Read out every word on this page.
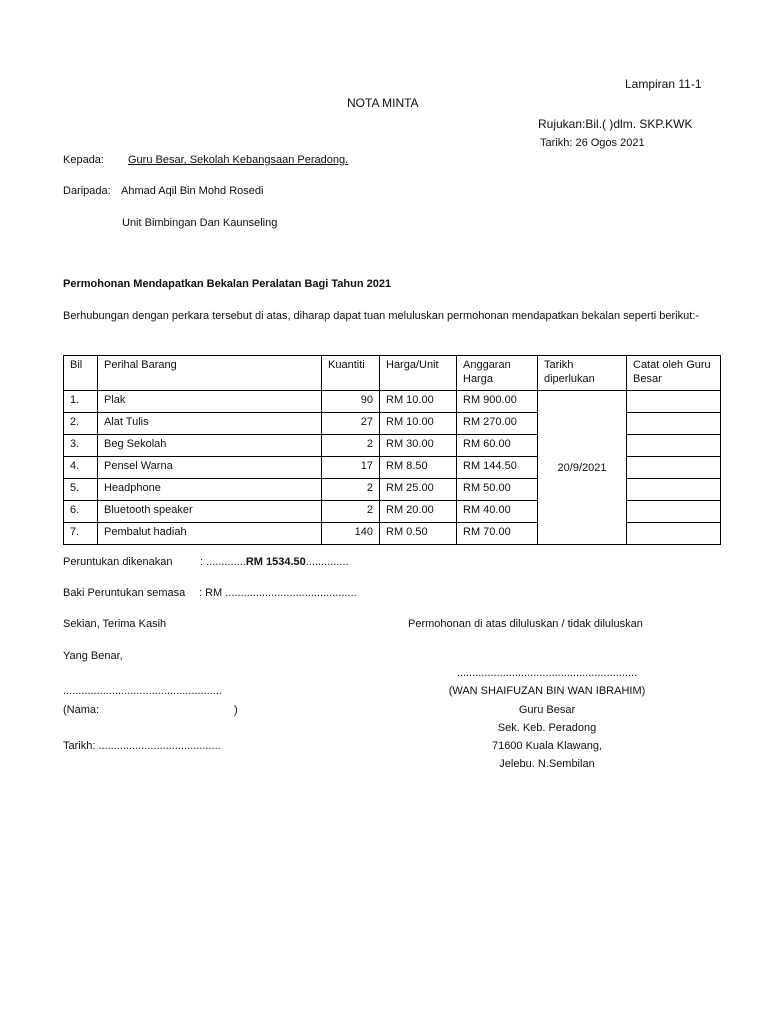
Lampiran 11-1
NOTA MINTA
Rujukan:Bil.( )dlm. SKP.KWK
Tarikh: 26 Ogos 2021
Kepada: Guru Besar, Sekolah Kebangsaan Peradong.
Daripada: Ahmad Aqil Bin Mohd Rosedi
Unit Bimbingan Dan Kaunseling
Permohonan Mendapatkan Bekalan Peralatan Bagi Tahun 2021
Berhubungan dengan perkara tersebut di atas, diharap dapat tuan meluluskan permohonan mendapatkan bekalan seperti berikut:-
Bil	Perihal Barang	Kuantiti	Harga/Unit	Anggaran Harga	Tarikh diperlukan	Catat oleh Guru Besar
1.	Plak	90	RM 10.00	RM 900.00	20/9/2021	
2.	Alat Tulis	27	RM 10.00	RM 270.00		
3.	Beg Sekolah	2	RM 30.00	RM 60.00		
4.	Pensel Warna	17	RM 8.50	RM 144.50		
5.	Headphone	2	RM 25.00	RM 50.00		
6.	Bluetooth speaker	2	RM 20.00	RM 40.00		
7.	Pembalut hadiah	140	RM 0.50	RM 70.00		
Peruntukan dikenakan	: .............RM 1534.50..............
Baki Peruntukan semasa : RM ...........................................
Sekian, Terima Kasih
Yang Benar,
....................................................
(Nama:	)
Tarikh: ........................................
Permohonan di atas diluluskan / tidak diluluskan
...........................................................
(WAN SHAIFUZAN BIN WAN IBRAHIM)
Guru Besar
Sek. Keb. Peradong
71600 Kuala Klawang,
Jelebu. N.Sembilan
